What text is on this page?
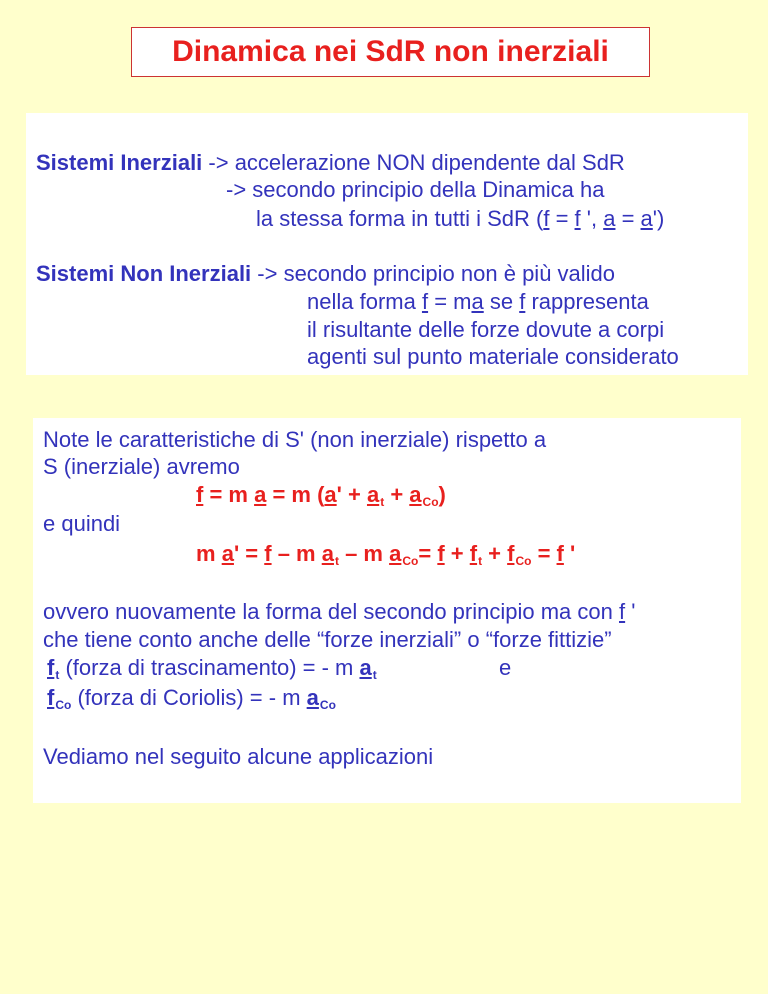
Dinamica nei SdR non inerziali
Sistemi Inerziali -> accelerazione NON dipendente dal SdR
-> secondo principio della Dinamica ha
la stessa forma in tutti i SdR (f = f ', a = a')
Sistemi Non Inerziali -> secondo principio non è più valido
nella forma f = ma se f rappresenta
il risultante delle forze dovute a corpi
agenti sul punto materiale considerato
Note le caratteristiche di S' (non inerziale) rispetto a
S (inerziale) avremo
f = m a = m $(a' + a_t + a_{Co})$
e quindi
m a' = f – m $a_t$ – m $a_{Co}= f + f_t + f_{Co} = f$ '
ovvero nuovamente la forma del secondo principio ma con f '
che tiene conto anche delle “forze inerziali” o “forze fittizie”
$f_t$ (forza di trascinamento) = - m $a_t$	e
$f_{Co}$ (forza di Coriolis) = - m $a_{Co}$
Vediamo nel seguito alcune applicazioni
